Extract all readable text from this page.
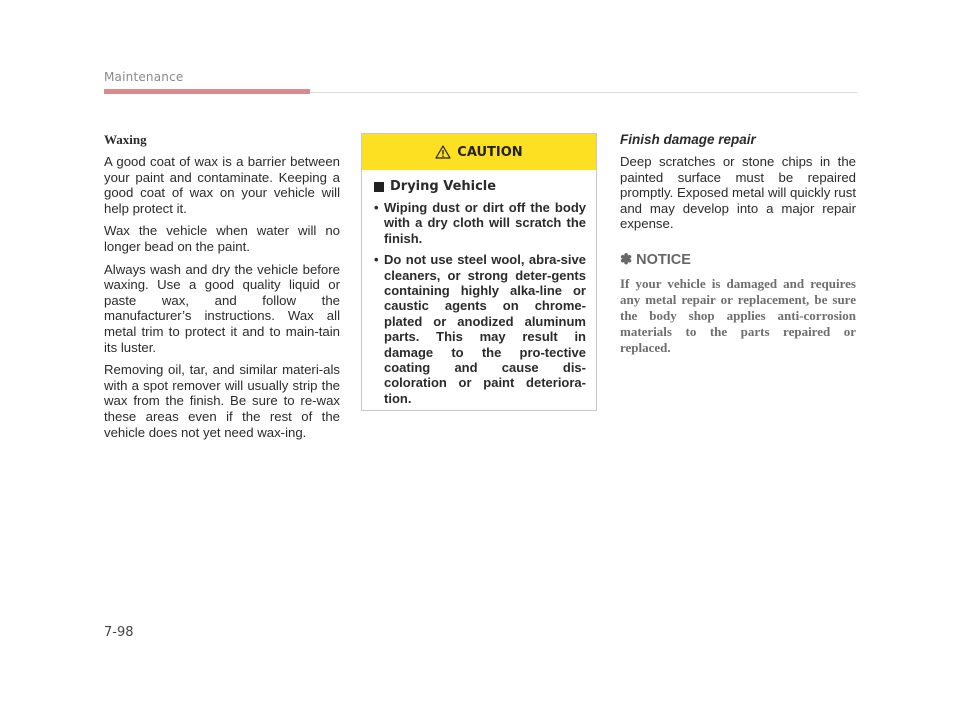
Maintenance

Waxing

A good coat of wax is a barrier between your paint and contaminate. Keeping a good coat of wax on your vehicle will help protect it.

Wax the vehicle when water will no longer bead on the paint.

Always wash and dry the vehicle before waxing. Use a good quality liquid or paste wax, and follow the manufacturer’s instructions. Wax all metal trim to protect it and to main-tain its luster.

Removing oil, tar, and similar materi-als with a spot remover will usually strip the wax from the finish. Be sure to re-wax these areas even if the rest of the vehicle does not yet need wax-ing.

CAUTION

Drying Vehicle

• Wiping dust or dirt off the body with a dry cloth will scratch the finish.
• Do not use steel wool, abra-sive cleaners, or strong deter-gents containing highly alka-line or caustic agents on chrome-plated or anodized aluminum parts. This may result in damage to the pro-tective coating and cause dis-coloration or paint deteriora-tion.

Finish damage repair

Deep scratches or stone chips in the painted surface must be repaired promptly. Exposed metal will quickly rust and may develop into a major repair expense.

✽ NOTICE

If your vehicle is damaged and requires any metal repair or replacement, be sure the body shop applies anti-corrosion materials to the parts repaired or replaced.

7-98
